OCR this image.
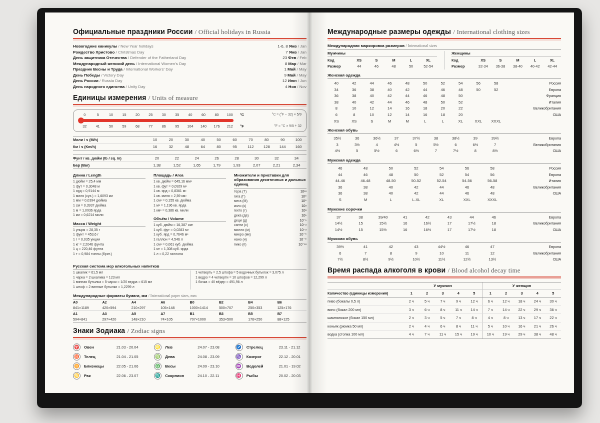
Официальные праздники России / Official holidays in Russia
Новогодние каникулы / New Year holidays	1-6, 8 Янв / Jan
Рождество Христово / Christmas Day	7 Янв / Jan
День защитника Отечества / Defender of the Fatherland Day	23 Фев / Feb
Международный женский день / International Women's Day	8 Мар / Mar
Праздник Весны и Труда / International Workers' Day	1 Май / May
День Победы / Victory Day	9 Май / May
День России / Russia Day	12 Июн / Jun
День народного единства / Unity Day	4 Ноя / Nov
Единицы измерения / Units of measure
0	5	10	15	20	25	30	35	40	60	80	100 °C	°C = (°F − 32) × 5/9
32	41	50	59	68	77	86	95	104	140	176	212	°F	°F = °C × 9/5 + 32
Мили / ч (M/h)	10	20	30	40	50	60	70	80	90	100
Км / ч (Km/h)	16	32	48	64	80	95	112	128	144	160
Фунт / кв. дюйм (lb / sq. in)	20	22	24	26	28	30	32	34
Бар (Bar)	1,38	1,52	1,65	1,79	1,93	2,07	2,21	2,34
Длина / Length
1 дюйм = 25,4 мм
1 фут = 0,3048 м
1 ярд = 0,9144 м
1 миля (сух.) = 1,6093 км
1 мм = 0,0394 дюйма
1 см = 0,3937 дюйма
1 м = 1,0936 ярда
1 км = 0,6214 мили
Масса / Weight
1 унция = 28,35 г
1 фунт = 453,6 г
1 г = 0,035 унции
1 кг = 2,2046 фунта
1 ц = 220,46 фунта
1 т = 0,984 тонны (брит.)
Площадь / Area
1 кв. дюйм = 645,16 мм²
1 кв. фут = 0,0929 м²
1 кв. ярд = 0,8361 м²
1 кв. миля = 2,59 км²
1 см² = 0,155 кв. дюйма
1 м² = 1,196 кв. ярда
1 км² = 0,386 кв. мили
Объём / Volume
1 куб. дюйм = 16,387 см³
1 куб. фут = 0,0283 м³
1 куб. ярд = 0,7646 м³
1 галлон = 4,546 л
1 см³ = 0,061 куб. дюйма
1 м³ = 1,308 куб. ярда
1 л = 0,22 галлона
Множители и приставки для образования десятичных и дольных единиц
тера (Т)	10¹²
гига (Г)	10⁹
мега (М)	10⁶
кило (к)	10³
гекто (г)	10²
дека (да)	10¹
деци (д)	10⁻¹
санти (с)	10⁻²
милли (м)	10⁻³
микро (мк)	10⁻⁶
нано (н)	10⁻⁹
пико (п)	10⁻¹²
Русская система мер алкогольных напитков
1 шкалик = 61,5 мл
1 чарка = 2 шкалика = 123 мл
1 винная бутылка = 5 чарок = 1/20 ведра = 615 мл
1 штоф = 2 винные бутылки = 1,2299 л
1 четверть = 2,5 штофа = 5 водочных бутылок = 3,075 л
1 ведро = 4 четверти = 10 штофов = 12,299 л
1 бочка = 40 вёдер = 491,96 л
Международные форматы бумаги, мм / International paper sizes, mm
A0	A2	A4	A6	B0	B2	B4	B6
841×1189	420×594	210×297	105×148	1000×1414	500×707	250×353	125×176
A1	A3	A5	A7	B1	B3	B5	B7
594×841	297×420	148×210	74×105	707×1000	353×500	176×250	88×125
Знаки Зодиака / Zodiac signs
♈ Овен	21.03 - 20.04
♉ Телец	21.04 - 21.05
♊ Близнецы	22.05 - 21.06
♋ Рак	22.06 - 23.07
♌ Лев	24.07 - 23.08
♍ Дева	24.08 - 23.09
♎ Весы	24.09 - 23.10
♏ Скорпион	24.10 - 22.11
♐ Стрелец	23.11 - 21.12
♑ Козерог	22.12 - 20.01
♒ Водолей	21.01 - 19.02
♓ Рыбы	20.02 - 20.03
Международные размеры одежды / International clothing sizes
Международная маркировка размеров / International sizes
Мужчины
Код	XS	S	M	L	XL
Размер	44	46	48	50	52-54
Женщины
Код	XS	S	M	L	XL
Размер	32-34	36-38	38-40	40-42	42-44
Женская одежда
40	42	44	46	48	50	52	54	56	58	Россия
34	36	38	40	42	44	46	48	50	52	Европа
36	38	40	42	44	46	48	50	Франция
38	40	42	44	46	48	50	52	Италия
8	10	12	14	16	18	20	22	Великобритания
6	8	10	12	14	16	18	20	США
XS	XS	S	M	M	L	L	XL	XXL	XXXL
Женская обувь
35½	36	36½	37	37½	38	38½	39	39½	Европа
3	3½	4	4½	5	5½	6	6½	7	Великобритания
4½	5	5½	6	6½	7	7½	8	8½	США
Мужская одежда
46	48	50	52	54	56	58	Россия
44	46	48	50	52	54	56	Европа
44-46	46-48	48-50	50-52	52-54	54-56	56-58	Италия
36	38	40	42	44	46	48	Великобритания
36	38	40	42	44	46	48	США
S	M	L	L-XL	XL	XXL	XXXL
Мужские сорочки
37	38	39/40	41	42	43	44	46	Европа
14½	15	15½	16	16½	17	17½	18	Великобритания
14½	15	15½	16	16½	17	17½	18	США
Мужская обувь
39½	41	42	43	44½	46	47	Европа
6	7	8	9	10	11	12	Великобритания
7½	8½	9½	10½	11½	12½	13½	США
Время распада алкоголя в крови / Blood alcohol decay time
У мужчин	У женщин
Количество (единицы измерения)	1	2	3	4	5	1	2	3	4	5
пиво (бокалы 0,5 л)	2 ч	5 ч	7 ч	9 ч	12 ч	6 ч	12 ч	18 ч	24 ч	30 ч
вино (бокал 200 мл)	3 ч	6 ч	8 ч	11 ч	14 ч	7 ч	14 ч	22 ч	29 ч	36 ч
шампанское (бокал 150 мл)	2 ч	3 ч	5 ч	7 ч	8 ч	4 ч	8 ч	13 ч	17 ч	22 ч
коньяк (рюмка 50 мл)	2 ч	4 ч	6 ч	8 ч	11 ч	5 ч	10 ч	16 ч	21 ч	26 ч
водка (стопка 100 мл)	4 ч	7 ч	11 ч	15 ч	19 ч	10 ч	19 ч	29 ч	38 ч	48 ч
